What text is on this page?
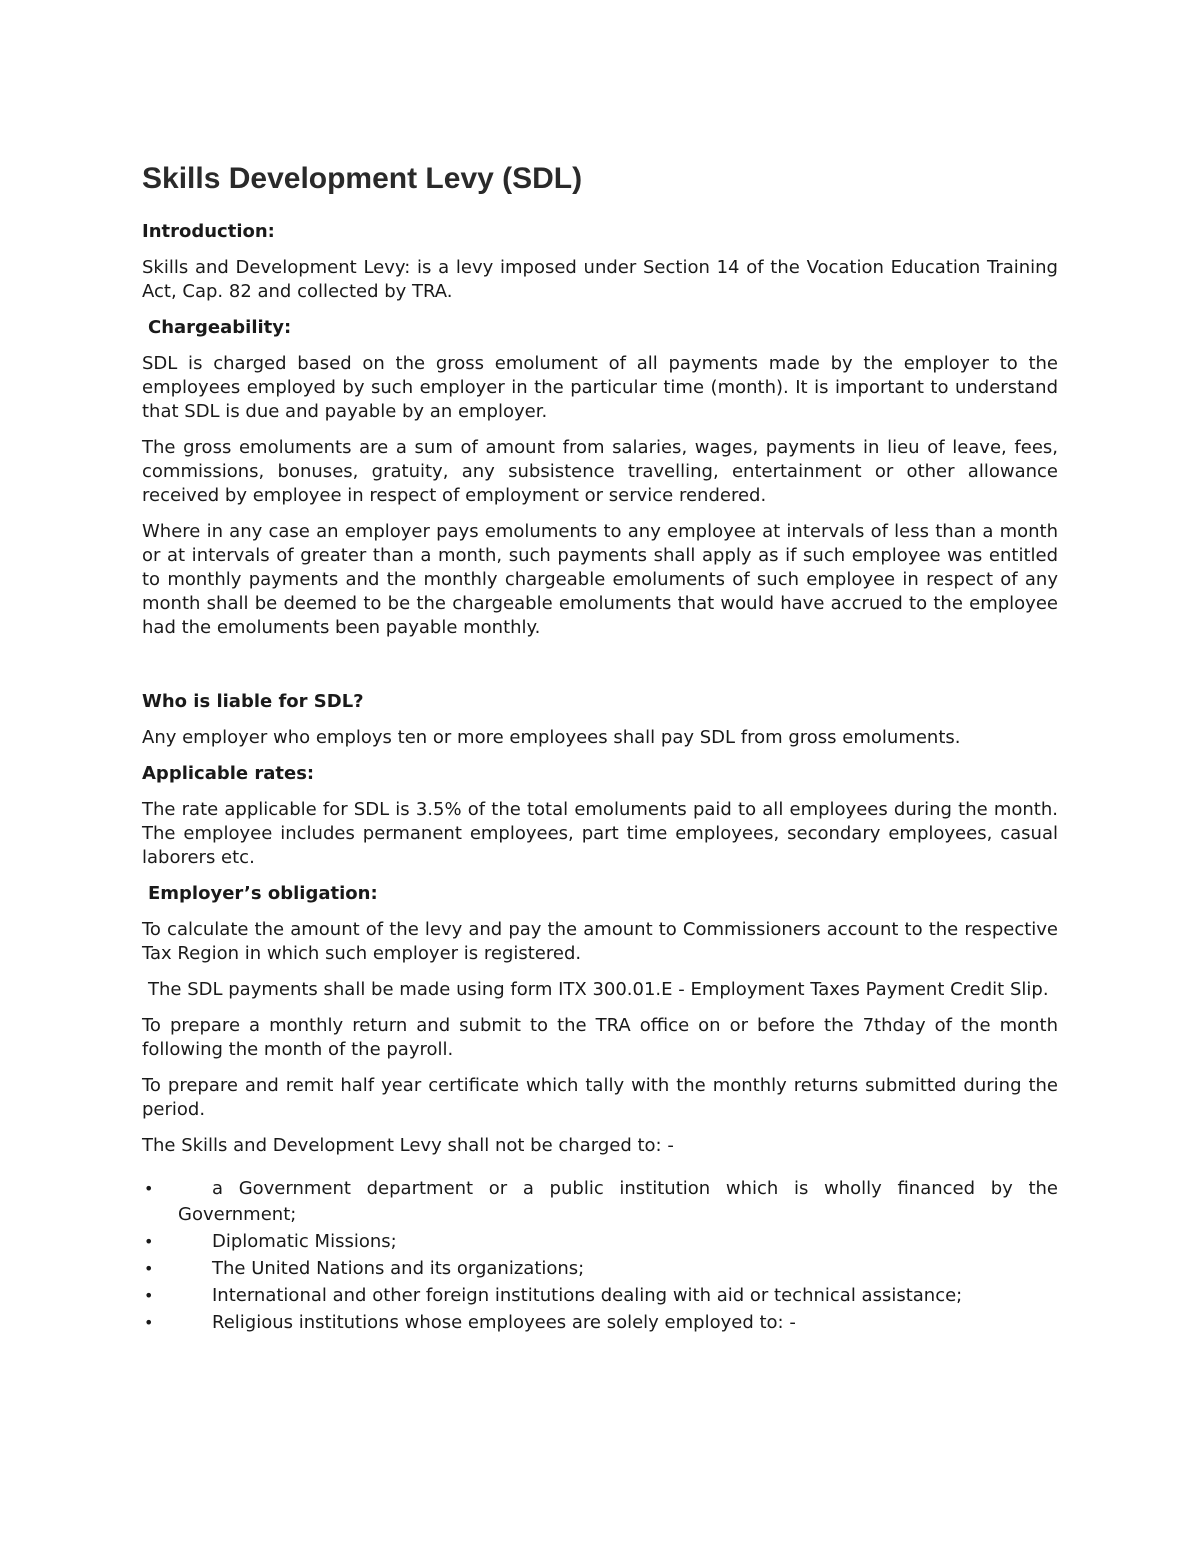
Skills Development Levy (SDL)
Introduction:

Skills and Development Levy: is a levy imposed under Section 14 of the Vocation Education Training Act, Cap. 82 and collected by TRA.

Chargeability:

SDL is charged based on the gross emolument of all payments made by the employer to the employees employed by such employer in the particular time (month). It is important to understand that SDL is due and payable by an employer.

The gross emoluments are a sum of amount from salaries, wages, payments in lieu of leave, fees, commissions, bonuses, gratuity, any subsistence travelling, entertainment or other allowance received by employee in respect of employment or service rendered.

Where in any case an employer pays emoluments to any employee at intervals of less than a month or at intervals of greater than a month, such payments shall apply as if such employee was entitled to monthly payments and the monthly chargeable emoluments of such employee in respect of any month shall be deemed to be the chargeable emoluments that would have accrued to the employee had the emoluments been payable monthly.

Who is liable for SDL?

Any employer who employs ten or more employees shall pay SDL from gross emoluments.

Applicable rates:

The rate applicable for SDL is 3.5% of the total emoluments paid to all employees during the month. The employee includes permanent employees, part time employees, secondary employees, casual laborers etc.

Employer’s obligation:

To calculate the amount of the levy and pay the amount to Commissioners account to the respective Tax Region in which such employer is registered.

The SDL payments shall be made using form ITX 300.01.E - Employment Taxes Payment Credit Slip.

To prepare a monthly return and submit to the TRA office on or before the 7thday of the month following the month of the payroll.

To prepare and remit half year certificate which tally with the monthly returns submitted during the period.

The Skills and Development Levy shall not be charged to: -

•	a Government department or a public institution which is wholly financed by the Government;
•	Diplomatic Missions;
•	The United Nations and its organizations;
•	International and other foreign institutions dealing with aid or technical assistance;
•	Religious institutions whose employees are solely employed to: -
